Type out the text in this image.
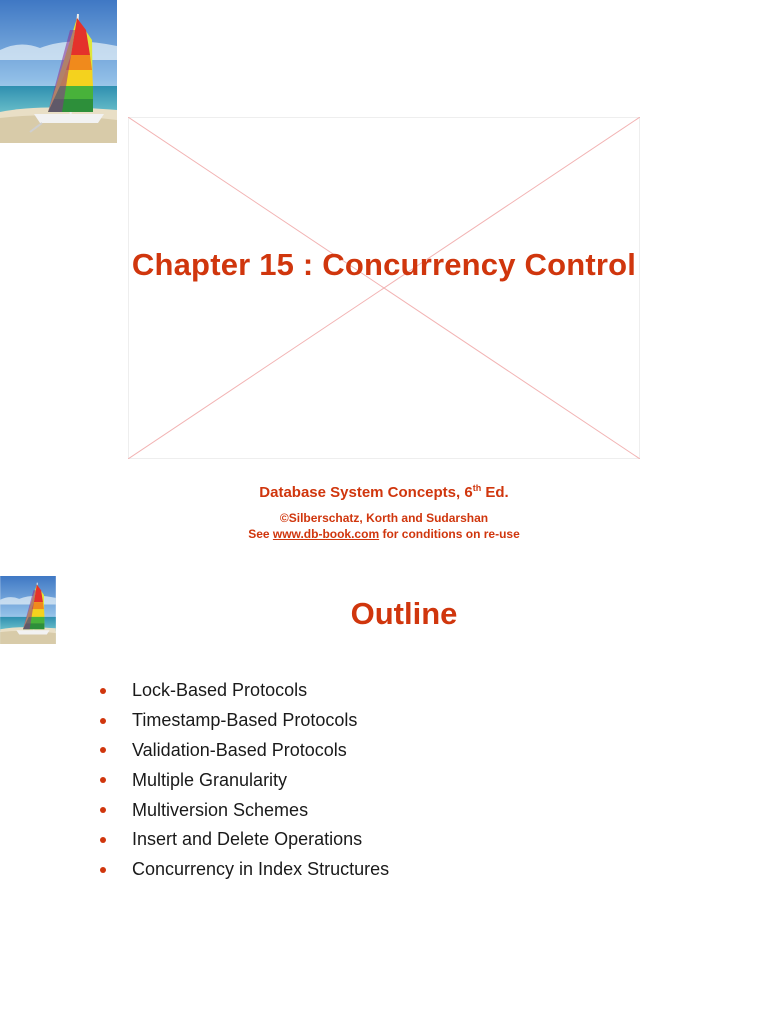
Chapter 15 : Concurrency Control
Database System Concepts, 6th Ed.
©Silberschatz, Korth and Sudarshan
See www.db-book.com for conditions on re-use
Outline
Lock-Based Protocols
Timestamp-Based Protocols
Validation-Based Protocols
Multiple Granularity
Multiversion Schemes
Insert and Delete Operations
Concurrency in Index Structures
